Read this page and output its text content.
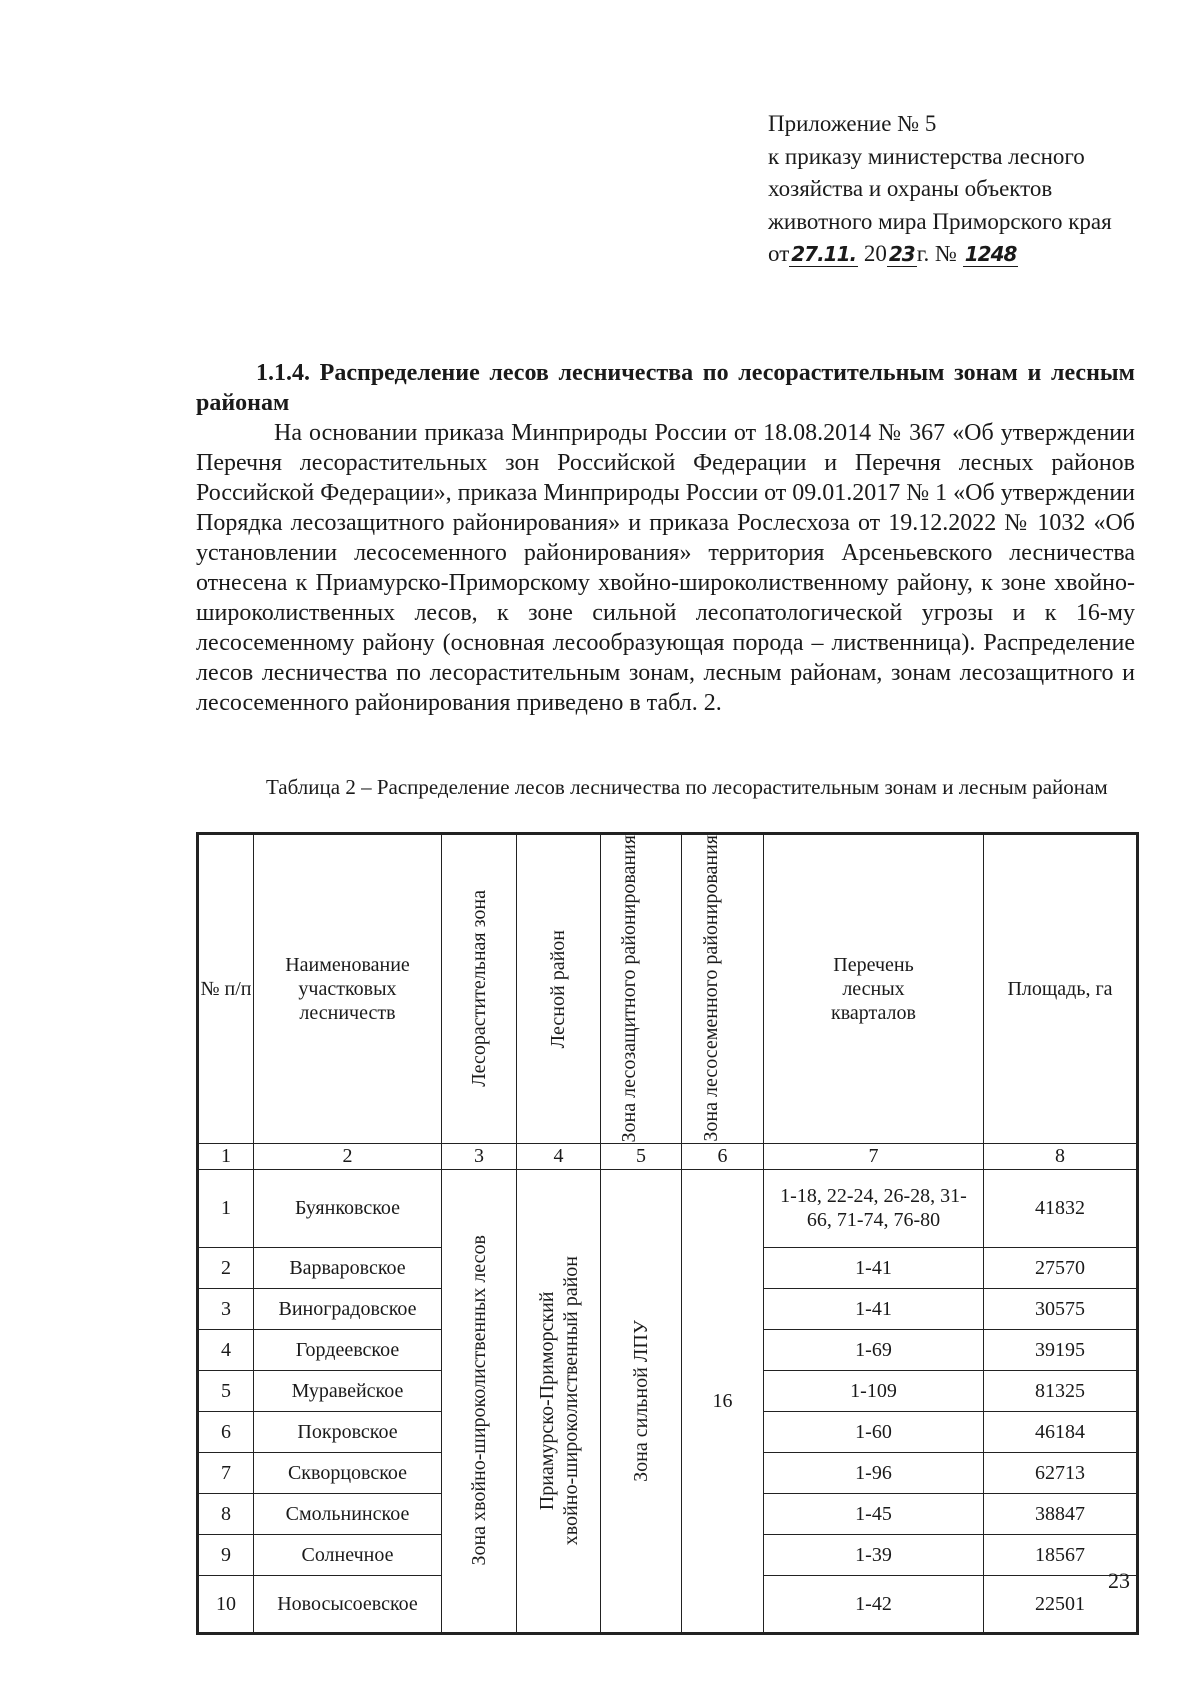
Приложение № 5
к приказу министерства лесного
хозяйства и охраны объектов
животного мира Приморского края
от 27.11. 20 23г. № 1248
1.1.4. Распределение лесов лесничества по лесорастительным зонам и лесным районам
На основании приказа Минприроды России от 18.08.2014 № 367 «Об утверждении Перечня лесорастительных зон Российской Федерации и Перечня лесных районов Российской Федерации», приказа Минприроды России от 09.01.2017 № 1 «Об утверждении Порядка лесозащитного районирования» и приказа Рослесхоза от 19.12.2022 № 1032 «Об установлении лесосеменного районирования» территория Арсеньевского лесничества отнесена к Приамурско-Приморскому хвойно-широколиственному району, к зоне хвойно-широколиственных лесов, к зоне сильной лесопатологической угрозы и к 16-му лесосеменному району (основная лесообразующая порода – лиственница). Распределение лесов лесничества по лесорастительным зонам, лесным районам, зонам лесозащитного и лесосеменного районирования приведено в табл. 2.
Таблица 2 – Распределение лесов лесничества по лесорастительным зонам и лесным районам
№ п/п	Наименование участковых лесничеств	Лесорастительная зона	Лесной район	Зона лесозащитного районирования	Зона лесосеменного районирования	Перечень лесных кварталов	Площадь, га
1	2	3	4	5	6	7	8
1	Буянковское	Зона хвойно-широколиственных лесов	Приамурско-Приморский хвойно-широколиственный район	Зона сильной ЛПУ	16	1-18, 22-24, 26-28, 31-66, 71-74, 76-80	41832
2	Варваровское					1-41	27570
3	Виноградовское					1-41	30575
4	Гордеевское					1-69	39195
5	Муравейское					1-109	81325
6	Покровское					1-60	46184
7	Скворцовское					1-96	62713
8	Смольнинское					1-45	38847
9	Солнечное					1-39	18567
10	Новосысоевское					1-42	22501
23
